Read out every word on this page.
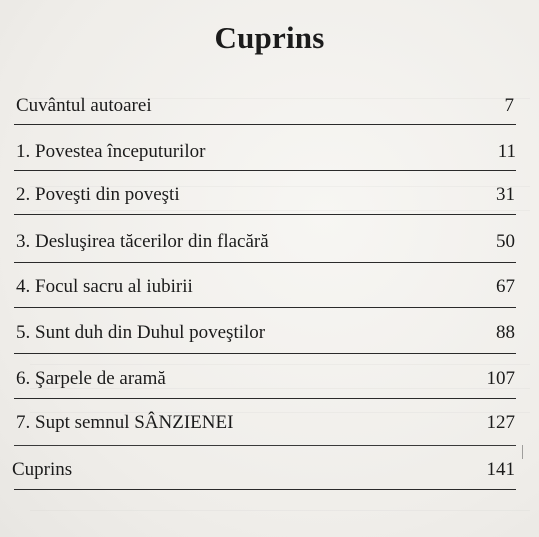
Cuprins
Cuvântul autoarei	7
1. Povestea începuturilor	11
2. Poveşti din poveşti	31
3. Desluşirea tăcerilor din flacără	50
4. Focul sacru al iubirii	67
5. Sunt duh din Duhul poveştilor	88
6. Şarpele de aramă	107
7. Supt semnul SÂNZIENEI	127
Cuprins	141
